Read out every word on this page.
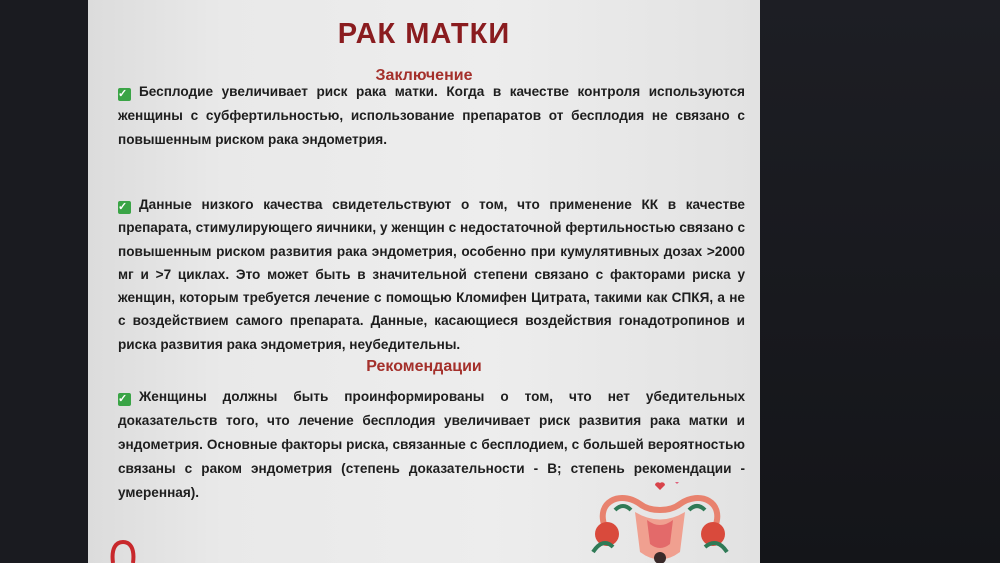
РАК МАТКИ
Заключение
✓ Бесплодие увеличивает риск рака матки. Когда в качестве контроля используются женщины с субфертильностью, использование препаратов от бесплодия не связано с повышенным риском рака эндометрия.
✓ Данные низкого качества свидетельствуют о том, что применение КК в качестве препарата, стимулирующего яичники, у женщин с недостаточной фертильностью связано с повышенным риском развития рака эндометрия, особенно при кумулятивных дозах >2000 мг и >7 циклах. Это может быть в значительной степени связано с факторами риска у женщин, которым требуется лечение с помощью Кломифен Цитрата, такими как СПКЯ, а не с воздействием самого препарата. Данные, касающиеся воздействия гонадотропинов и риска развития рака эндометрия, неубедительны.
Рекомендации
✓ Женщины должны быть проинформированы о том, что нет убедительных доказательств того, что лечение бесплодия увеличивает риск развития рака матки и эндометрия. Основные факторы риска, связанные с бесплодием, с большей вероятностью связаны с раком эндометрия (степень доказательности - В; степень рекомендации - умеренная).
